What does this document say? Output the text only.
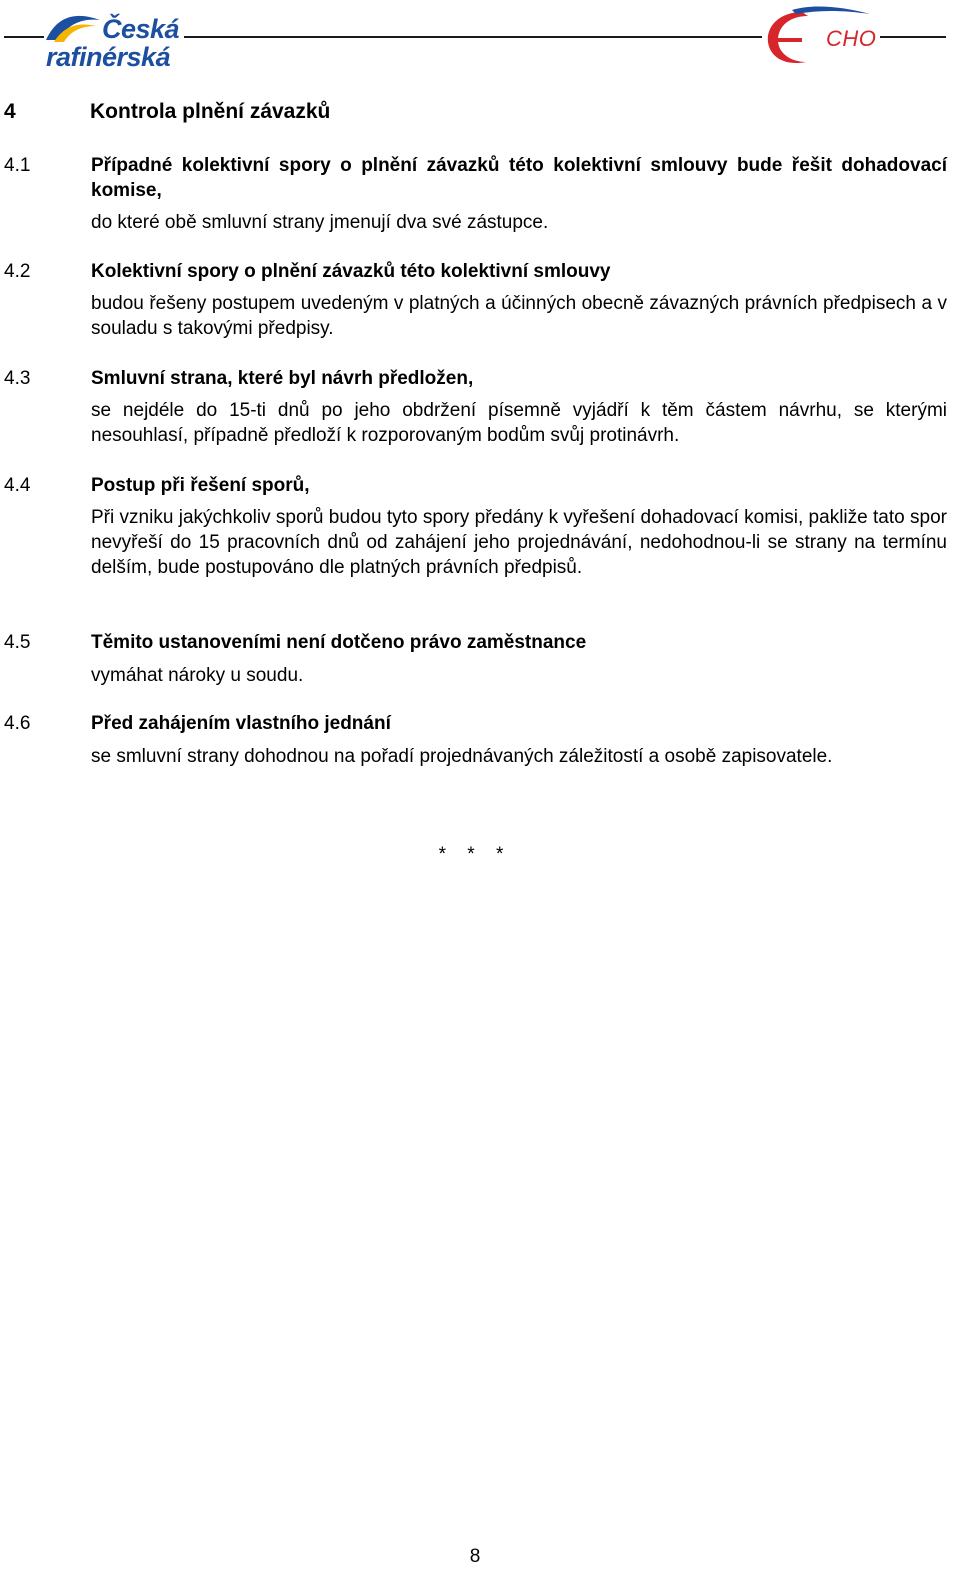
Česká
rafinérská
CHO
4	Kontrola plnění závazků
4.1	Případné kolektivní spory o plnění závazků této kolektivní smlouvy bude řešit dohadovací komise,
do které obě smluvní strany jmenují dva své zástupce.
4.2	Kolektivní spory o plnění závazků této kolektivní smlouvy
budou řešeny postupem uvedeným v platných a účinných obecně závazných právních předpisech a v souladu s takovými předpisy.
4.3	Smluvní strana, které byl návrh předložen,
se nejdéle do 15-ti dnů po jeho obdržení písemně vyjádří k těm částem návrhu, se kterými nesouhlasí, případně předloží k rozporovaným bodům svůj protinávrh.
4.4	Postup při řešení sporů,
Při vzniku jakýchkoliv sporů budou tyto spory předány k vyřešení dohadovací komisi, pakliže tato spor nevyřeší do 15 pracovních dnů od zahájení jeho projednávání, nedohodnou-li se strany na termínu delším, bude postupováno dle platných právních předpisů.
4.5	Těmito ustanoveními není dotčeno právo zaměstnance
vymáhat nároky u soudu.
4.6	Před zahájením vlastního jednání
se smluvní strany dohodnou na pořadí projednávaných záležitostí a osobě zapisovatele.
* * *
8
